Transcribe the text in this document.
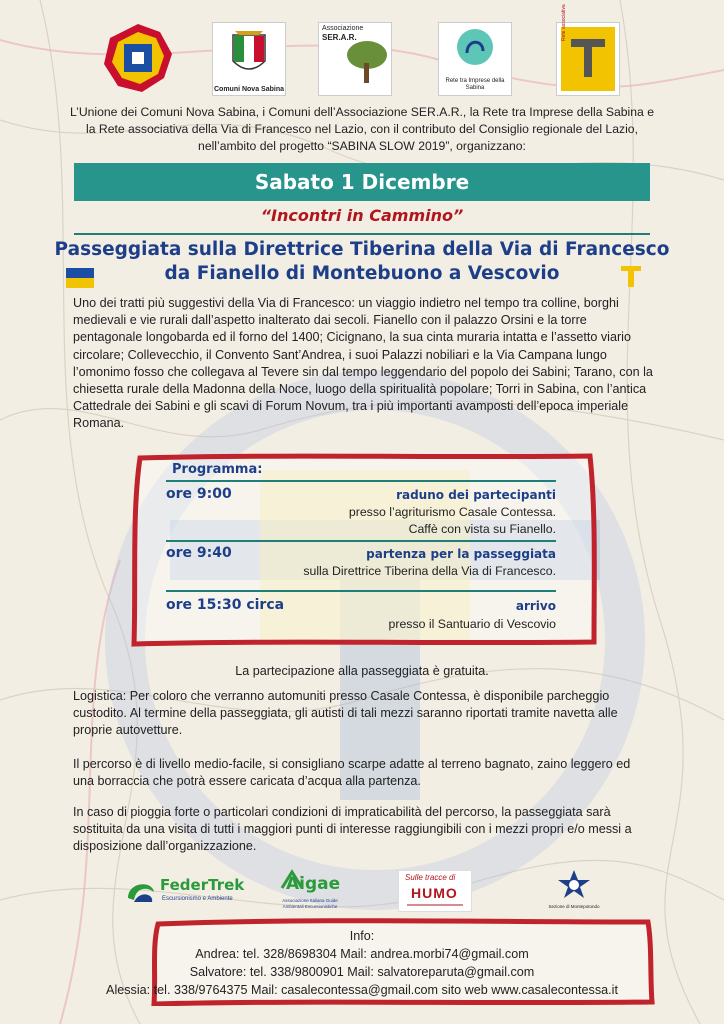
Comuni Nova Sabina
Associazione
SER.A.R.
Rete tra Imprese della Sabina
Rete associativa
L’Unione dei Comuni Nova Sabina, i Comuni dell’Associazione SER.A.R., la Rete tra Imprese della Sabina e
la Rete associativa della Via di Francesco nel Lazio, con il contributo del Consiglio regionale del Lazio,
nell’ambito del progetto “SABINA SLOW 2019”, organizzano:
Sabato 1 Dicembre
“Incontri in Cammino”
Passeggiata sulla Direttrice Tiberina della Via di Francesco
da Fianello di Montebuono a Vescovio
Uno dei tratti più suggestivi della Via di Francesco: un viaggio indietro nel tempo tra colline, borghi medievali e vie rurali dall’aspetto inalterato dai secoli. Fianello con il palazzo Orsini e la torre pentagonale longobarda ed il forno del 1400; Cicignano, la sua cinta muraria intatta e l’assetto viario circolare; Collevecchio, il Convento Sant’Andrea, i suoi Palazzi nobiliari e la Via Campana lungo l’omonimo fosso che collegava al Tevere sin dal tempo leggendario del popolo dei Sabini; Tarano, con la chiesetta rurale della Madonna della Noce, luogo della spiritualità popolare; Torri in Sabina, con l’antica Cattedrale dei Sabini e gli scavi di Forum Novum, tra i più importanti avamposti dell’epoca imperiale Romana.
Programma:
ore 9:00	raduno dei partecipanti
presso l’agriturismo Casale Contessa.
Caffè con vista su Fianello.
ore 9:40	partenza per la passeggiata
sulla Direttrice Tiberina della Via di Francesco.
ore 15:30 circa	arrivo
presso il Santuario di Vescovio
La partecipazione alla passeggiata è gratuita.
Logistica: Per coloro che verranno automuniti presso Casale Contessa, è disponibile parcheggio custodito. Al termine della passeggiata, gli autisti di tali mezzi saranno riportati tramite navetta alle proprie autovetture.
Il percorso è di livello medio-facile, si consigliano scarpe adatte al terreno bagnato, zaino leggero ed una borraccia che potrà essere caricata d’acqua alla partenza.
In caso di pioggia forte o particolari condizioni di impraticabilità del percorso, la passeggiata sarà sostituita da una visita di tutti i maggiori punti di interesse raggiungibili con i mezzi propri e/o messi a disposizione dall’organizzazione.
FederTrek
Escursionismo e Ambiente
Aigae
Associazione Italiana Guide Ambientali Escursionistiche
Sulle tracce di
HUMO
Sezione di Montepotondo
Info:
Andrea: tel. 328/8698304 Mail: andrea.morbi74@gmail.com
Salvatore: tel. 338/9800901 Mail: salvatoreparuta@gmail.com
Alessia: tel. 338/9764375 Mail: casalecontessa@gmail.com sito web www.casalecontessa.it
